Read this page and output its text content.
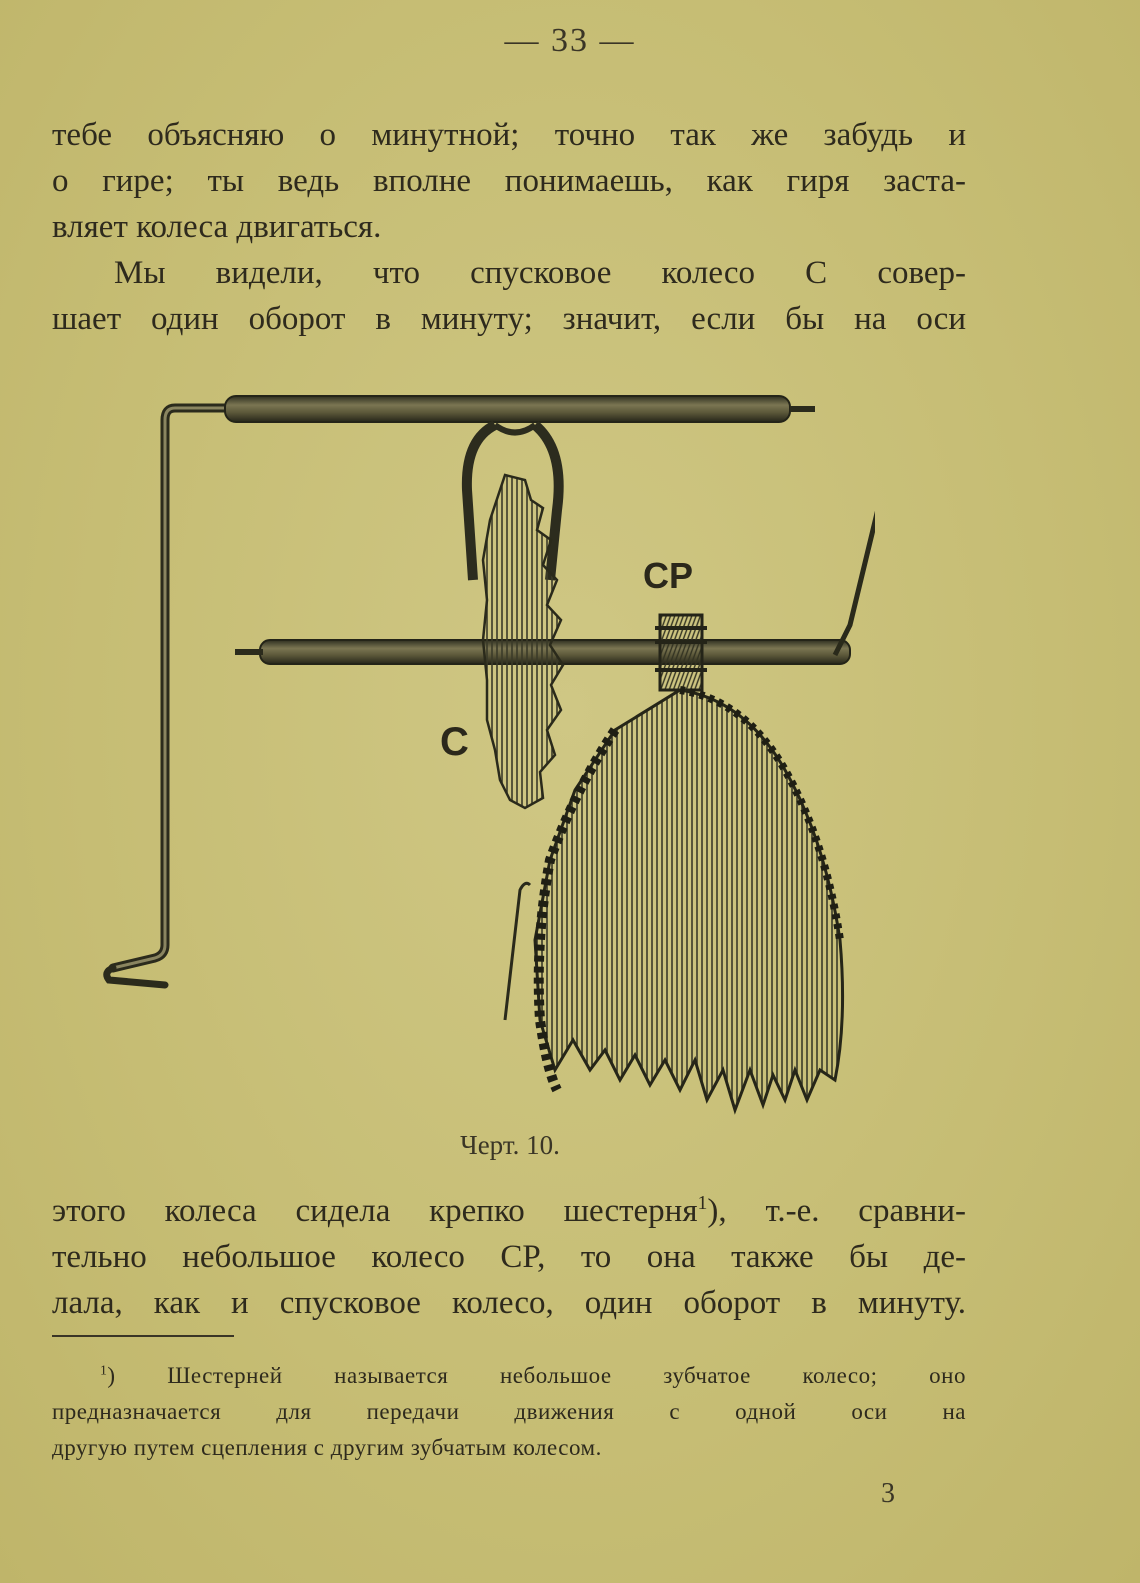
— 33 —

тебе объясняю о минутной; точно так же забудь и
о гире; ты ведь вполне понимаешь, как гиря заста-
вляет колеса двигаться.

Мы видели, что спусковое колесо C совер-
шает один оборот в минуту; значит, если бы на оси

CP
C
Черт. 10.

этого колеса сидела крепко шестерня$^1$), т.-е. сравни-
тельно небольшое колесо CP, то она также бы де-
лала, как и спусковое колесо, один оборот в минуту.

$^1$) Шестерней называется небольшое зубчатое колесо; оно
предназначается для передачи движения с одной оси на
другую путем сцепления с другим зубчатым колесом.

3
